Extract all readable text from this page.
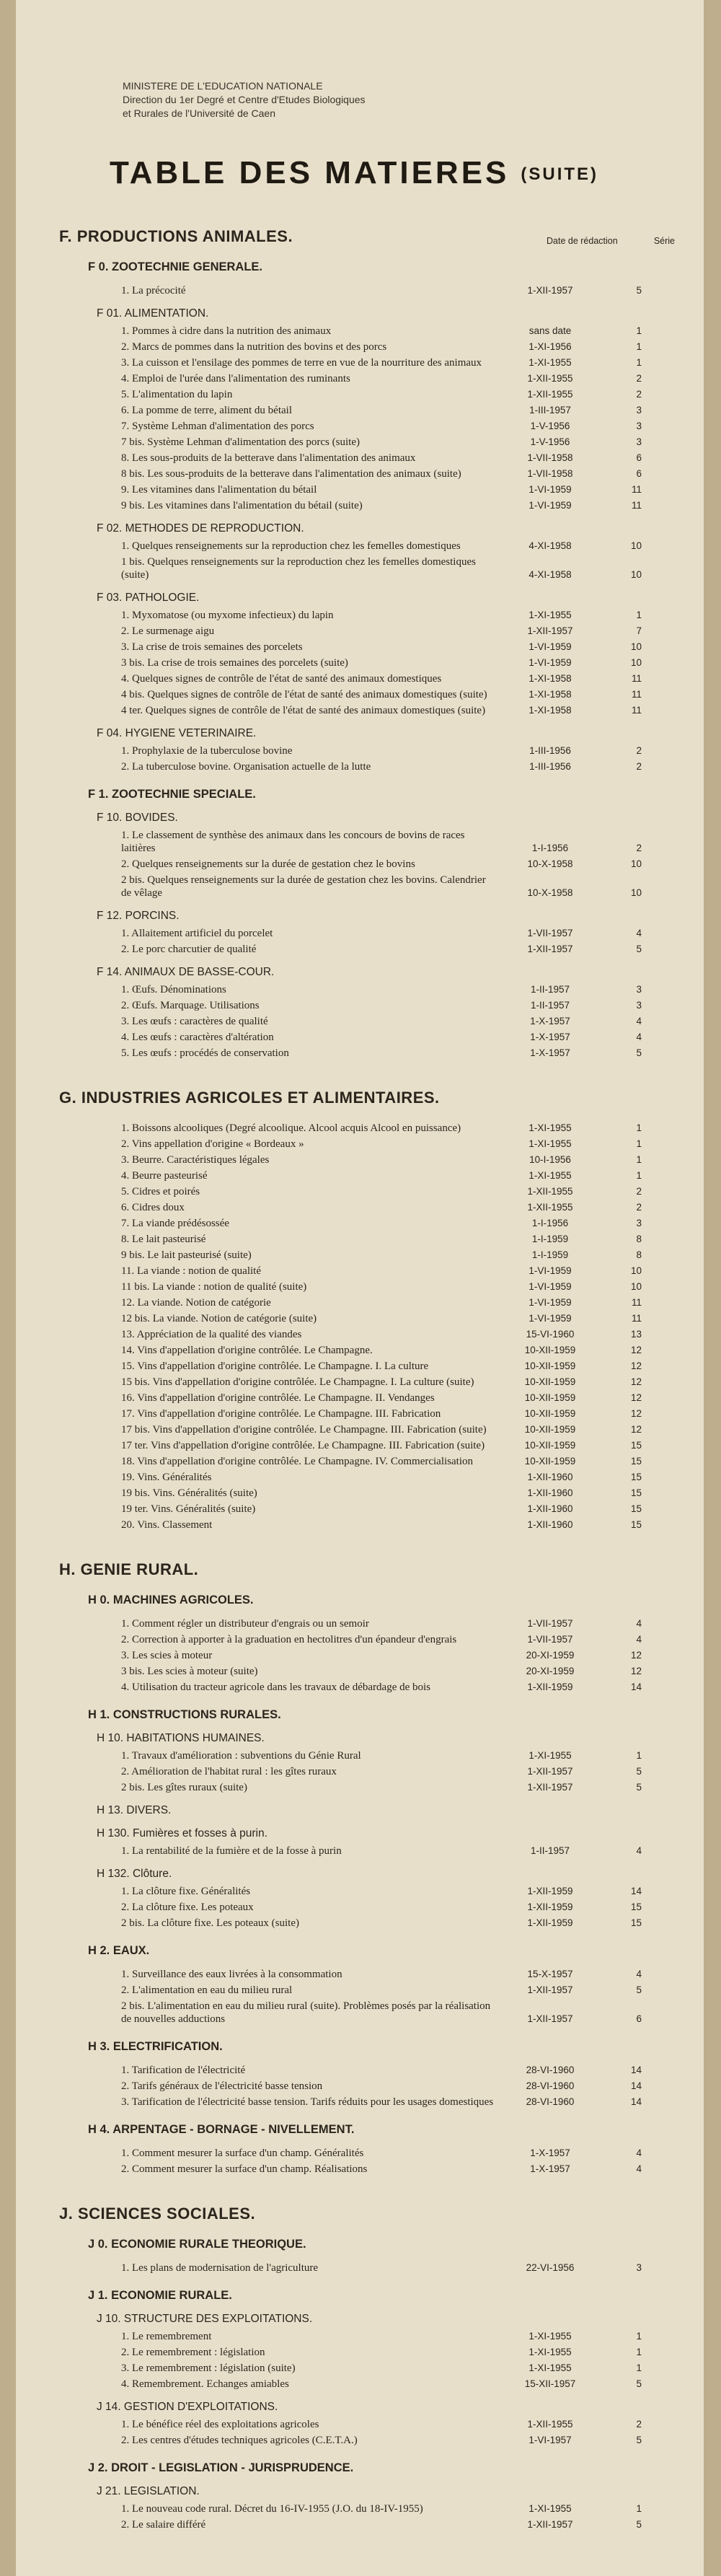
MINISTERE DE L'EDUCATION NATIONALE
Direction du 1er Degré et Centre d'Etudes Biologiques
et Rurales de l'Université de Caen
TABLE DES MATIERES (SUITE)
F. PRODUCTIONS ANIMALES.	Date de rédaction	Série
F 0. ZOOTECHNIE GENERALE.
1. La précocité	1-XII-1957	5
F 01. ALIMENTATION.
1. Pommes à cidre dans la nutrition des animaux	sans date	1
2. Marcs de pommes dans la nutrition des bovins et des porcs	1-XI-1956	1
3. La cuisson et l'ensilage des pommes de terre en vue de la nourriture des animaux	1-XI-1955	1
4. Emploi de l'urée dans l'alimentation des ruminants	1-XII-1955	2
5. L'alimentation du lapin	1-XII-1955	2
6. La pomme de terre, aliment du bétail	1-III-1957	3
7. Système Lehman d'alimentation des porcs	1-V-1956	3
7 bis. Système Lehman d'alimentation des porcs (suite)	1-V-1956	3
8. Les sous-produits de la betterave dans l'alimentation des animaux	1-VII-1958	6
8 bis. Les sous-produits de la betterave dans l'alimentation des animaux (suite)	1-VII-1958	6
9. Les vitamines dans l'alimentation du bétail	1-VI-1959	11
9 bis. Les vitamines dans l'alimentation du bétail (suite)	1-VI-1959	11
F 02. METHODES DE REPRODUCTION.
1. Quelques renseignements sur la reproduction chez les femelles domestiques	4-XI-1958	10
1 bis. Quelques renseignements sur la reproduction chez les femelles domestiques (suite)	4-XI-1958	10
F 03. PATHOLOGIE.
1. Myxomatose (ou myxome infectieux) du lapin	1-XI-1955	1
2. Le surmenage aigu	1-XII-1957	7
3. La crise de trois semaines des porcelets	1-VI-1959	10
3 bis. La crise de trois semaines des porcelets (suite)	1-VI-1959	10
4. Quelques signes de contrôle de l'état de santé des animaux domestiques	1-XI-1958	11
4 bis. Quelques signes de contrôle de l'état de santé des animaux domestiques (suite)	1-XI-1958	11
4 ter. Quelques signes de contrôle de l'état de santé des animaux domestiques (suite)	1-XI-1958	11
F 04. HYGIENE VETERINAIRE.
1. Prophylaxie de la tuberculose bovine	1-III-1956	2
2. La tuberculose bovine. Organisation actuelle de la lutte	1-III-1956	2
F 1. ZOOTECHNIE SPECIALE.
F 10. BOVIDES.
1. Le classement de synthèse des animaux dans les concours de bovins de races laitières	1-I-1956	2
2. Quelques renseignements sur la durée de gestation chez le bovins	10-X-1958	10
2 bis. Quelques renseignements sur la durée de gestation chez les bovins. Calendrier de vêlage	10-X-1958	10
F 12. PORCINS.
1. Allaitement artificiel du porcelet	1-VII-1957	4
2. Le porc charcutier de qualité	1-XII-1957	5
F 14. ANIMAUX DE BASSE-COUR.
1. Œufs. Dénominations	1-II-1957	3
2. Œufs. Marquage. Utilisations	1-II-1957	3
3. Les œufs : caractères de qualité	1-X-1957	4
4. Les œufs : caractères d'altération	1-X-1957	4
5. Les œufs : procédés de conservation	1-X-1957	5
G. INDUSTRIES AGRICOLES ET ALIMENTAIRES.
1. Boissons alcooliques (Degré alcoolique. Alcool acquis Alcool en puissance)	1-XI-1955	1
2. Vins appellation d'origine « Bordeaux »	1-XI-1955	1
3. Beurre. Caractéristiques légales	10-I-1956	1
4. Beurre pasteurisé	1-XI-1955	1
5. Cidres et poirés	1-XII-1955	2
6. Cidres doux	1-XII-1955	2
7. La viande prédésossée	1-I-1956	3
8. Le lait pasteurisé	1-I-1959	8
9 bis. Le lait pasteurisé (suite)	1-I-1959	8
11. La viande : notion de qualité	1-VI-1959	10
11 bis. La viande : notion de qualité (suite)	1-VI-1959	10
12. La viande. Notion de catégorie	1-VI-1959	11
12 bis. La viande. Notion de catégorie (suite)	1-VI-1959	11
13. Appréciation de la qualité des viandes	15-VI-1960	13
14. Vins d'appellation d'origine contrôlée. Le Champagne.	10-XII-1959	12
15. Vins d'appellation d'origine contrôlée. Le Champagne. I. La culture	10-XII-1959	12
15 bis. Vins d'appellation d'origine contrôlée. Le Champagne. I. La culture (suite)	10-XII-1959	12
16. Vins d'appellation d'origine contrôlée. Le Champagne. II. Vendanges	10-XII-1959	12
17. Vins d'appellation d'origine contrôlée. Le Champagne. III. Fabrication	10-XII-1959	12
17 bis. Vins d'appellation d'origine contrôlée. Le Champagne. III. Fabrication (suite)	10-XII-1959	12
17 ter. Vins d'appellation d'origine contrôlée. Le Champagne. III. Fabrication (suite)	10-XII-1959	15
18. Vins d'appellation d'origine contrôlée. Le Champagne. IV. Commercialisation	10-XII-1959	15
19. Vins. Généralités	1-XII-1960	15
19 bis. Vins. Généralités (suite)	1-XII-1960	15
19 ter. Vins. Généralités (suite)	1-XII-1960	15
20. Vins. Classement	1-XII-1960	15
H. GENIE RURAL.
H 0. MACHINES AGRICOLES.
1. Comment régler un distributeur d'engrais ou un semoir	1-VII-1957	4
2. Correction à apporter à la graduation en hectolitres d'un épandeur d'engrais	1-VII-1957	4
3. Les scies à moteur	20-XI-1959	12
3 bis. Les scies à moteur (suite)	20-XI-1959	12
4. Utilisation du tracteur agricole dans les travaux de débardage de bois	1-XII-1959	14
H 1. CONSTRUCTIONS RURALES.
H 10. HABITATIONS HUMAINES.
1. Travaux d'amélioration : subventions du Génie Rural	1-XI-1955	1
2. Amélioration de l'habitat rural : les gîtes ruraux	1-XII-1957	5
2 bis. Les gîtes ruraux (suite)	1-XII-1957	5
H 13. DIVERS.
H 130. Fumières et fosses à purin.
1. La rentabilité de la fumière et de la fosse à purin	1-II-1957	4
H 132. Clôture.
1. La clôture fixe. Généralités	1-XII-1959	14
2. La clôture fixe. Les poteaux	1-XII-1959	15
2 bis. La clôture fixe. Les poteaux (suite)	1-XII-1959	15
H 2. EAUX.
1. Surveillance des eaux livrées à la consommation	15-X-1957	4
2. L'alimentation en eau du milieu rural	1-XII-1957	5
2 bis. L'alimentation en eau du milieu rural (suite). Problèmes posés par la réalisation de nouvelles adductions	1-XII-1957	6
H 3. ELECTRIFICATION.
1. Tarification de l'électricité	28-VI-1960	14
2. Tarifs généraux de l'électricité basse tension	28-VI-1960	14
3. Tarification de l'électricité basse tension. Tarifs réduits pour les usages domestiques	28-VI-1960	14
H 4. ARPENTAGE - BORNAGE - NIVELLEMENT.
1. Comment mesurer la surface d'un champ. Généralités	1-X-1957	4
2. Comment mesurer la surface d'un champ. Réalisations	1-X-1957	4
J. SCIENCES SOCIALES.
J 0. ECONOMIE RURALE THEORIQUE.
1. Les plans de modernisation de l'agriculture	22-VI-1956	3
J 1. ECONOMIE RURALE.
J 10. STRUCTURE DES EXPLOITATIONS.
1. Le remembrement	1-XI-1955	1
2. Le remembrement : législation	1-XI-1955	1
3. Le remembrement : législation (suite)	1-XI-1955	1
4. Remembrement. Echanges amiables	15-XII-1957	5
J 14. GESTION D'EXPLOITATIONS.
1. Le bénéfice réel des exploitations agricoles	1-XII-1955	2
2. Les centres d'études techniques agricoles (C.E.T.A.)	1-VI-1957	5
J 2. DROIT - LEGISLATION - JURISPRUDENCE.
J 21. LEGISLATION.
1. Le nouveau code rural. Décret du 16-IV-1955 (J.O. du 18-IV-1955)	1-XI-1955	1
2. Le salaire différé	1-XII-1957	5
